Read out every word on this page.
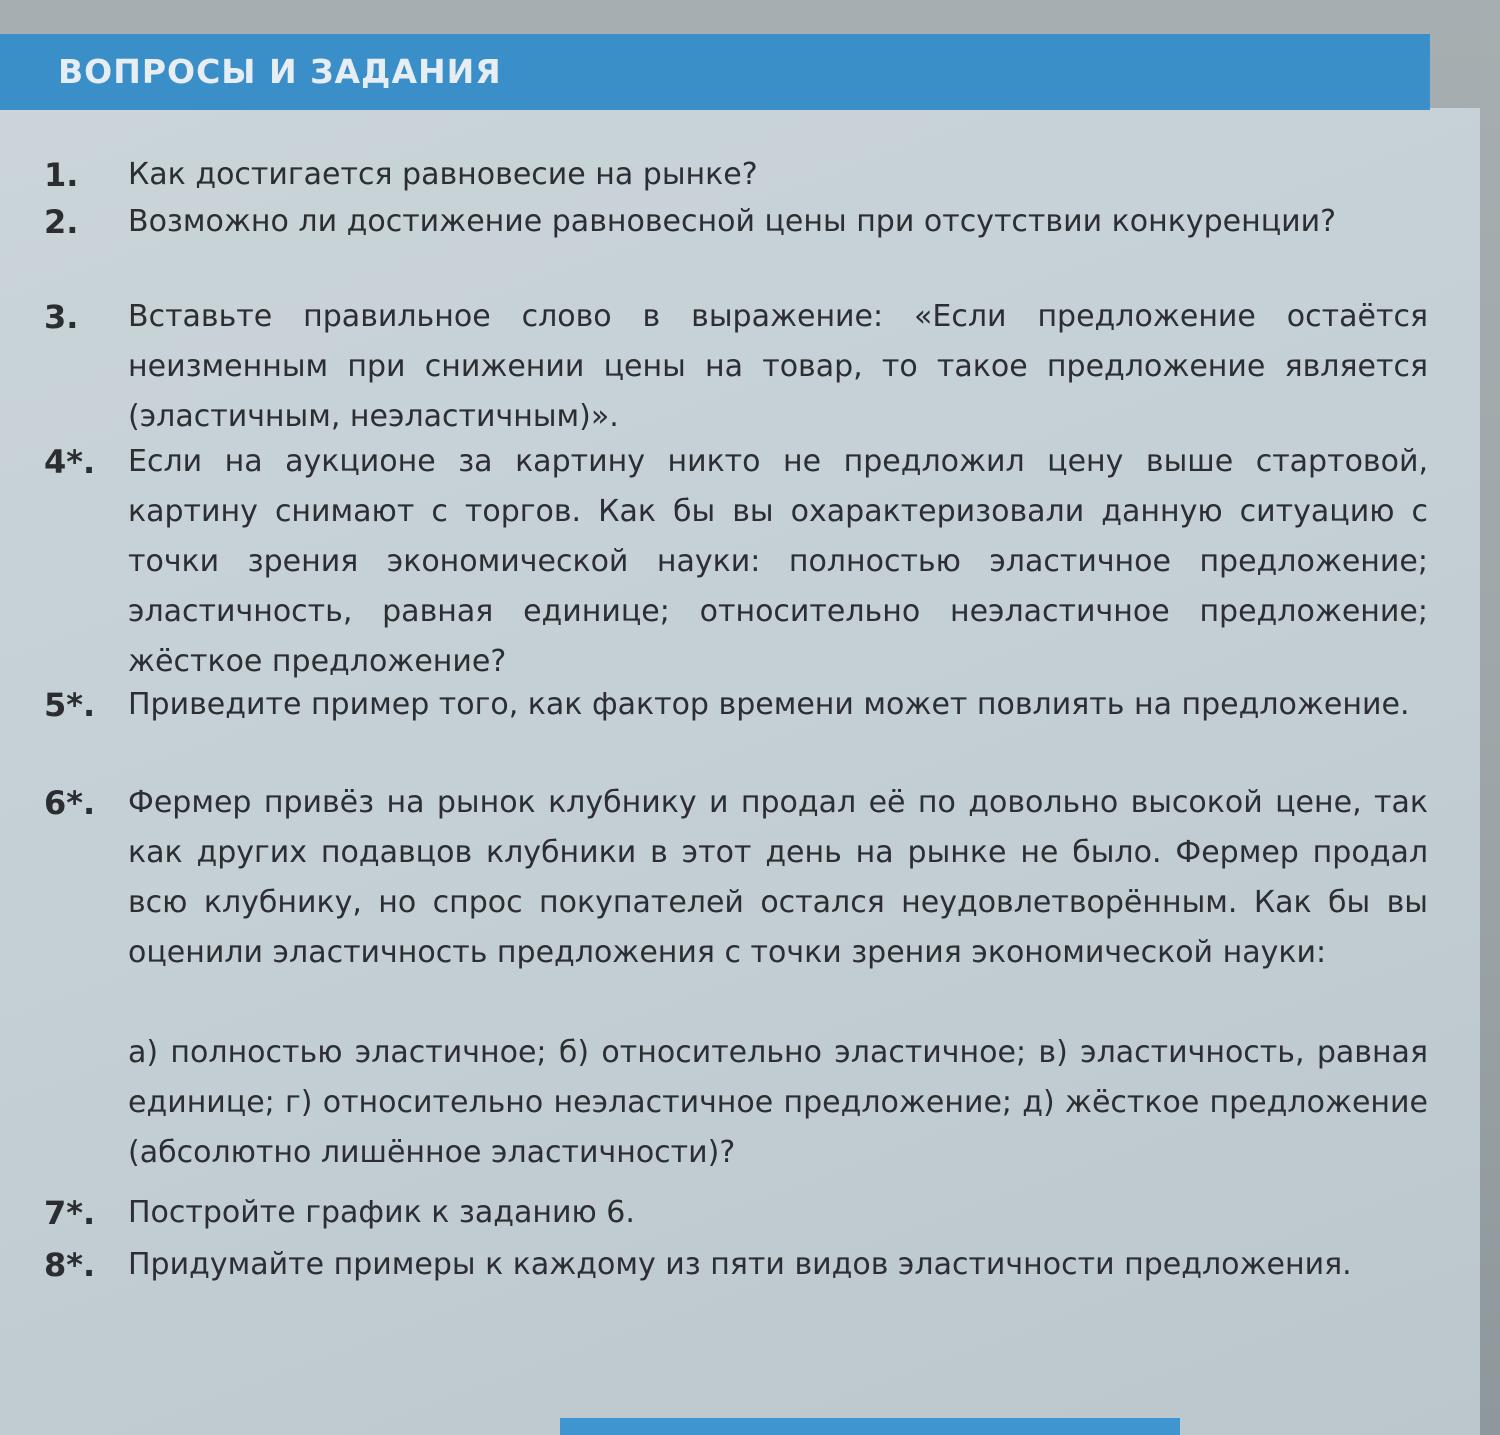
ВОПРОСЫ И ЗАДАНИЯ
1.	Как достигается равновесие на рынке?
2.	Возможно ли достижение равновесной цены при отсутствии конкуренции?
3.	Вставьте правильное слово в выражение: «Если предложение остаётся неизменным при снижении цены на товар, то такое предложение является (эластичным, неэластичным)».
4*.	Если на аукционе за картину никто не предложил цену выше стартовой, картину снимают с торгов. Как бы вы охарактеризовали данную ситуацию с точки зрения экономической науки: полностью эластичное предложение; эластичность, равная единице; относительно неэластичное предложение; жёсткое предложение?
5*.	Приведите пример того, как фактор времени может повлиять на предложение.
6*.	Фермер привёз на рынок клубнику и продал её по довольно высокой цене, так как других подавцов клубники в этот день на рынке не было. Фермер продал всю клубнику, но спрос покупателей остался неудовлетворённым. Как бы вы оценили эластичность предложения с точки зрения экономической науки:
а) полностью эластичное; б) относительно эластичное; в) эластичность, равная единице; г) относительно неэластичное предложение; д) жёсткое предложение (абсолютно лишённое эластичности)?
7*.	Постройте график к заданию 6.
8*.	Придумайте примеры к каждому из пяти видов эластичности предложения.
